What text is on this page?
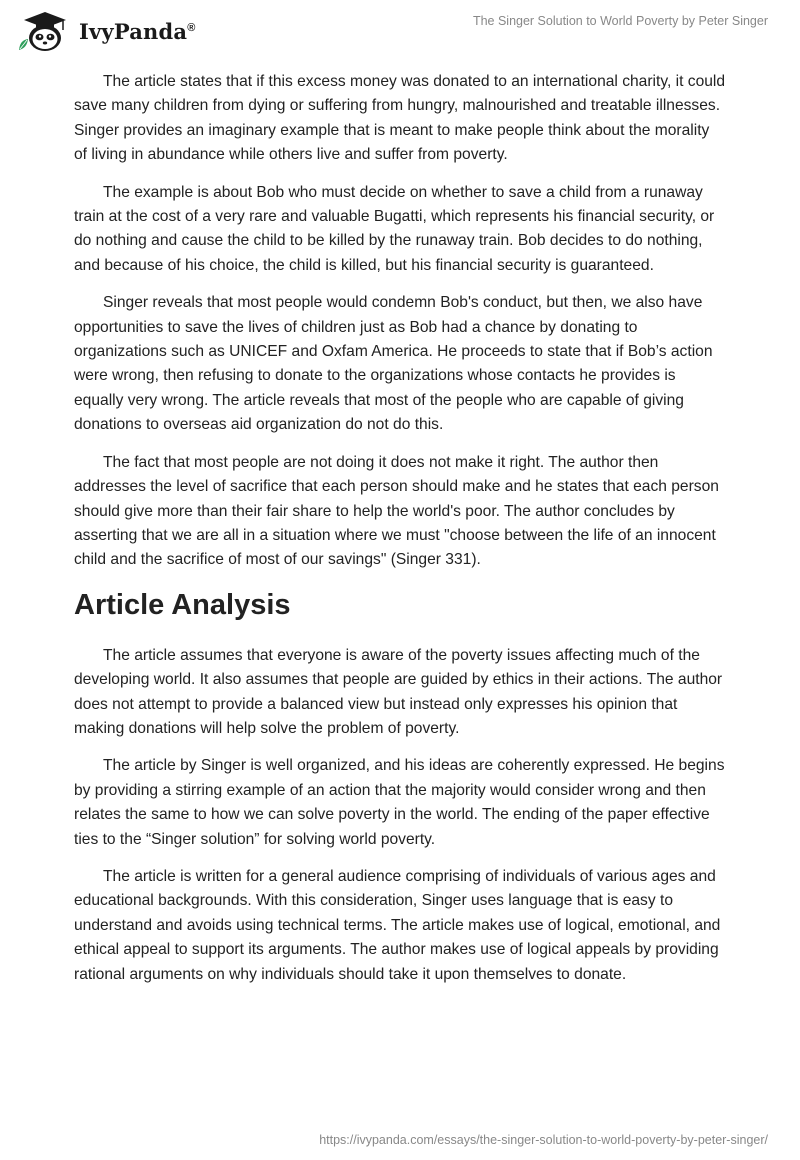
IvyPanda®	The Singer Solution to World Poverty by Peter Singer

The article states that if this excess money was donated to an international charity, it could save many children from dying or suffering from hungry, malnourished and treatable illnesses. Singer provides an imaginary example that is meant to make people think about the morality of living in abundance while others live and suffer from poverty.

The example is about Bob who must decide on whether to save a child from a runaway train at the cost of a very rare and valuable Bugatti, which represents his financial security, or do nothing and cause the child to be killed by the runaway train. Bob decides to do nothing, and because of his choice, the child is killed, but his financial security is guaranteed.

Singer reveals that most people would condemn Bob's conduct, but then, we also have opportunities to save the lives of children just as Bob had a chance by donating to organizations such as UNICEF and Oxfam America. He proceeds to state that if Bob’s action were wrong, then refusing to donate to the organizations whose contacts he provides is equally very wrong. The article reveals that most of the people who are capable of giving donations to overseas aid organization do not do this.

The fact that most people are not doing it does not make it right. The author then addresses the level of sacrifice that each person should make and he states that each person should give more than their fair share to help the world's poor. The author concludes by asserting that we are all in a situation where we must "choose between the life of an innocent child and the sacrifice of most of our savings" (Singer 331).

Article Analysis

The article assumes that everyone is aware of the poverty issues affecting much of the developing world. It also assumes that people are guided by ethics in their actions. The author does not attempt to provide a balanced view but instead only expresses his opinion that making donations will help solve the problem of poverty.

The article by Singer is well organized, and his ideas are coherently expressed. He begins by providing a stirring example of an action that the majority would consider wrong and then relates the same to how we can solve poverty in the world. The ending of the paper effective ties to the “Singer solution” for solving world poverty.

The article is written for a general audience comprising of individuals of various ages and educational backgrounds. With this consideration, Singer uses language that is easy to understand and avoids using technical terms. The article makes use of logical, emotional, and ethical appeal to support its arguments. The author makes use of logical appeals by providing rational arguments on why individuals should take it upon themselves to donate.

https://ivypanda.com/essays/the-singer-solution-to-world-poverty-by-peter-singer/
